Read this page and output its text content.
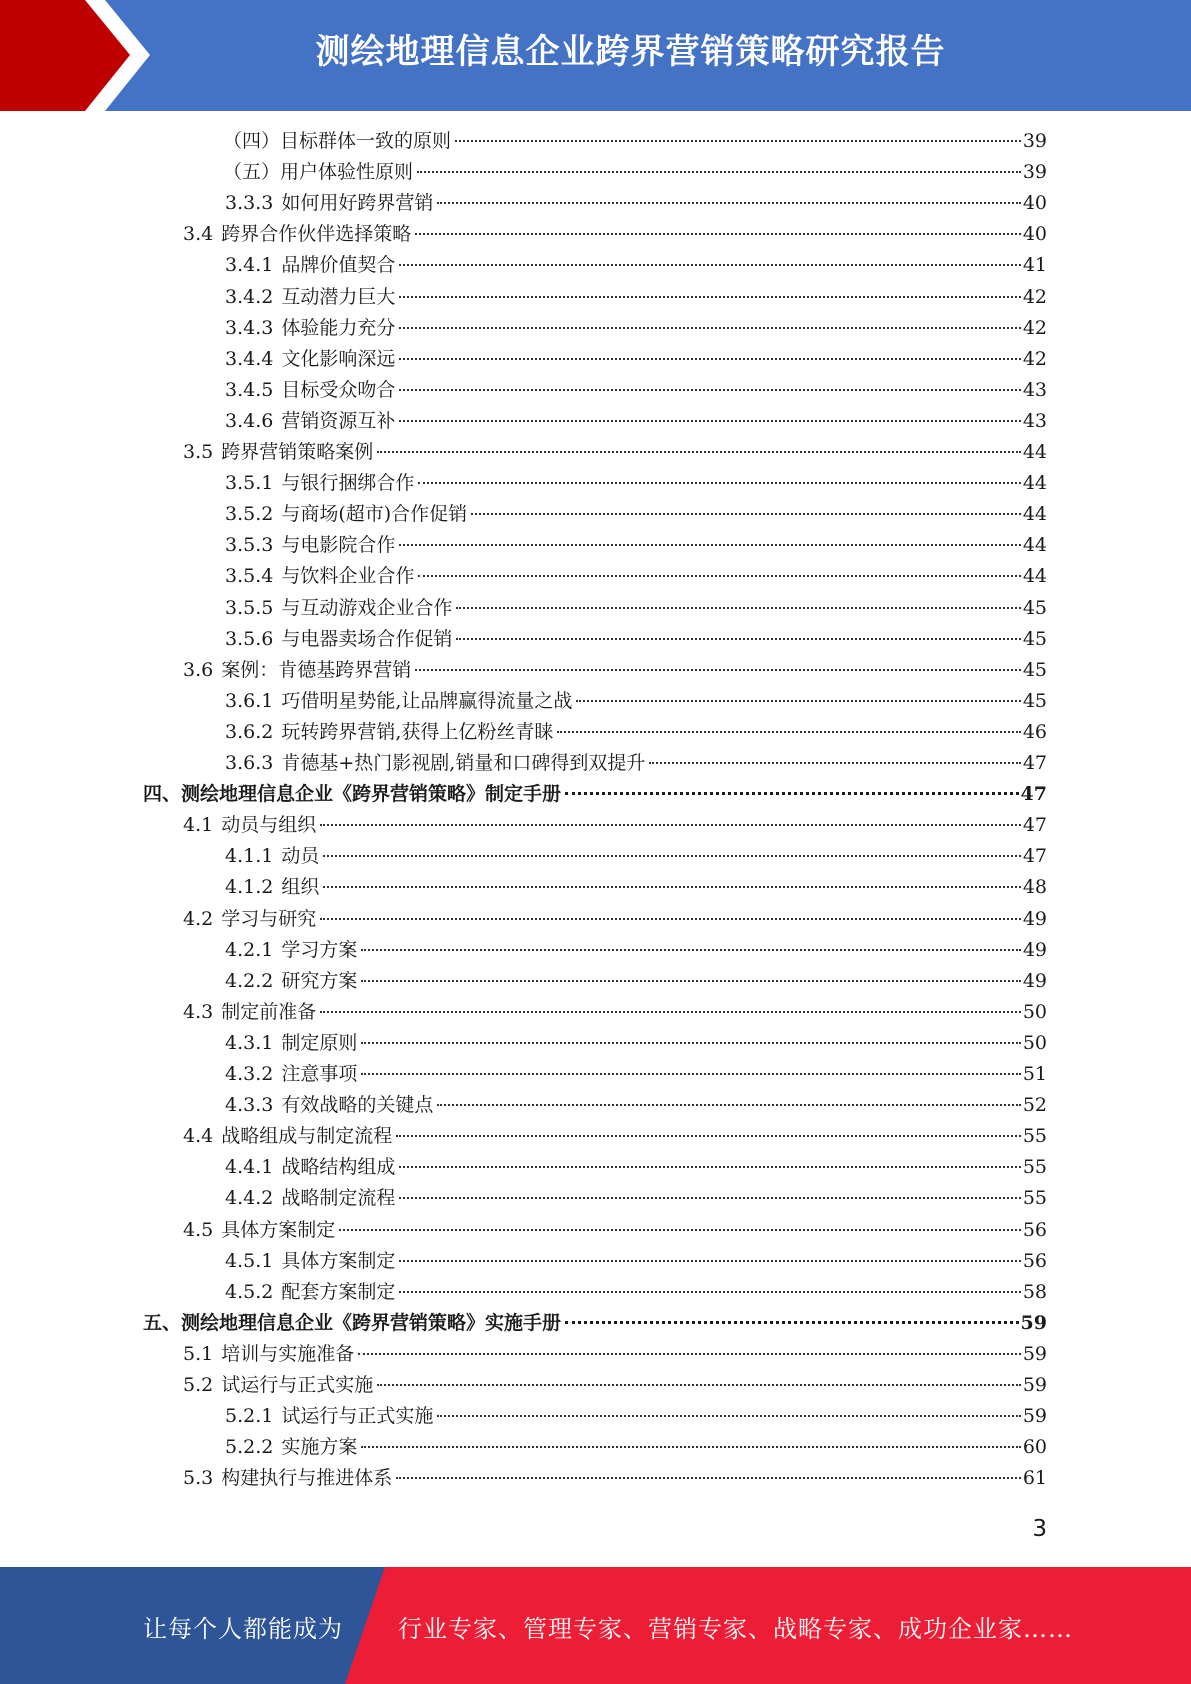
测绘地理信息企业跨界营销策略研究报告
（四）目标群体一致的原则	39
（五）用户体验性原则	39
3.3.3 如何用好跨界营销	40
3.4 跨界合作伙伴选择策略	40
3.4.1 品牌价值契合	41
3.4.2 互动潜力巨大	42
3.4.3 体验能力充分	42
3.4.4 文化影响深远	42
3.4.5 目标受众吻合	43
3.4.6 营销资源互补	43
3.5 跨界营销策略案例	44
3.5.1 与银行捆绑合作	44
3.5.2 与商场(超市)合作促销	44
3.5.3 与电影院合作	44
3.5.4 与饮料企业合作	44
3.5.5 与互动游戏企业合作	45
3.5.6 与电器卖场合作促销	45
3.6 案例：肯德基跨界营销	45
3.6.1 巧借明星势能,让品牌赢得流量之战	45
3.6.2 玩转跨界营销,获得上亿粉丝青睐	46
3.6.3 肯德基+热门影视剧,销量和口碑得到双提升	47
四、测绘地理信息企业《跨界营销策略》制定手册	47
4.1 动员与组织	47
4.1.1 动员	47
4.1.2 组织	48
4.2 学习与研究	49
4.2.1 学习方案	49
4.2.2 研究方案	49
4.3 制定前准备	50
4.3.1 制定原则	50
4.3.2 注意事项	51
4.3.3 有效战略的关键点	52
4.4 战略组成与制定流程	55
4.4.1 战略结构组成	55
4.4.2 战略制定流程	55
4.5 具体方案制定	56
4.5.1 具体方案制定	56
4.5.2 配套方案制定	58
五、测绘地理信息企业《跨界营销策略》实施手册	59
5.1 培训与实施准备	59
5.2 试运行与正式实施	59
5.2.1 试运行与正式实施	59
5.2.2 实施方案	60
5.3 构建执行与推进体系	61
3
让每个人都能成为 行业专家、管理专家、营销专家、战略专家、成功企业家……
